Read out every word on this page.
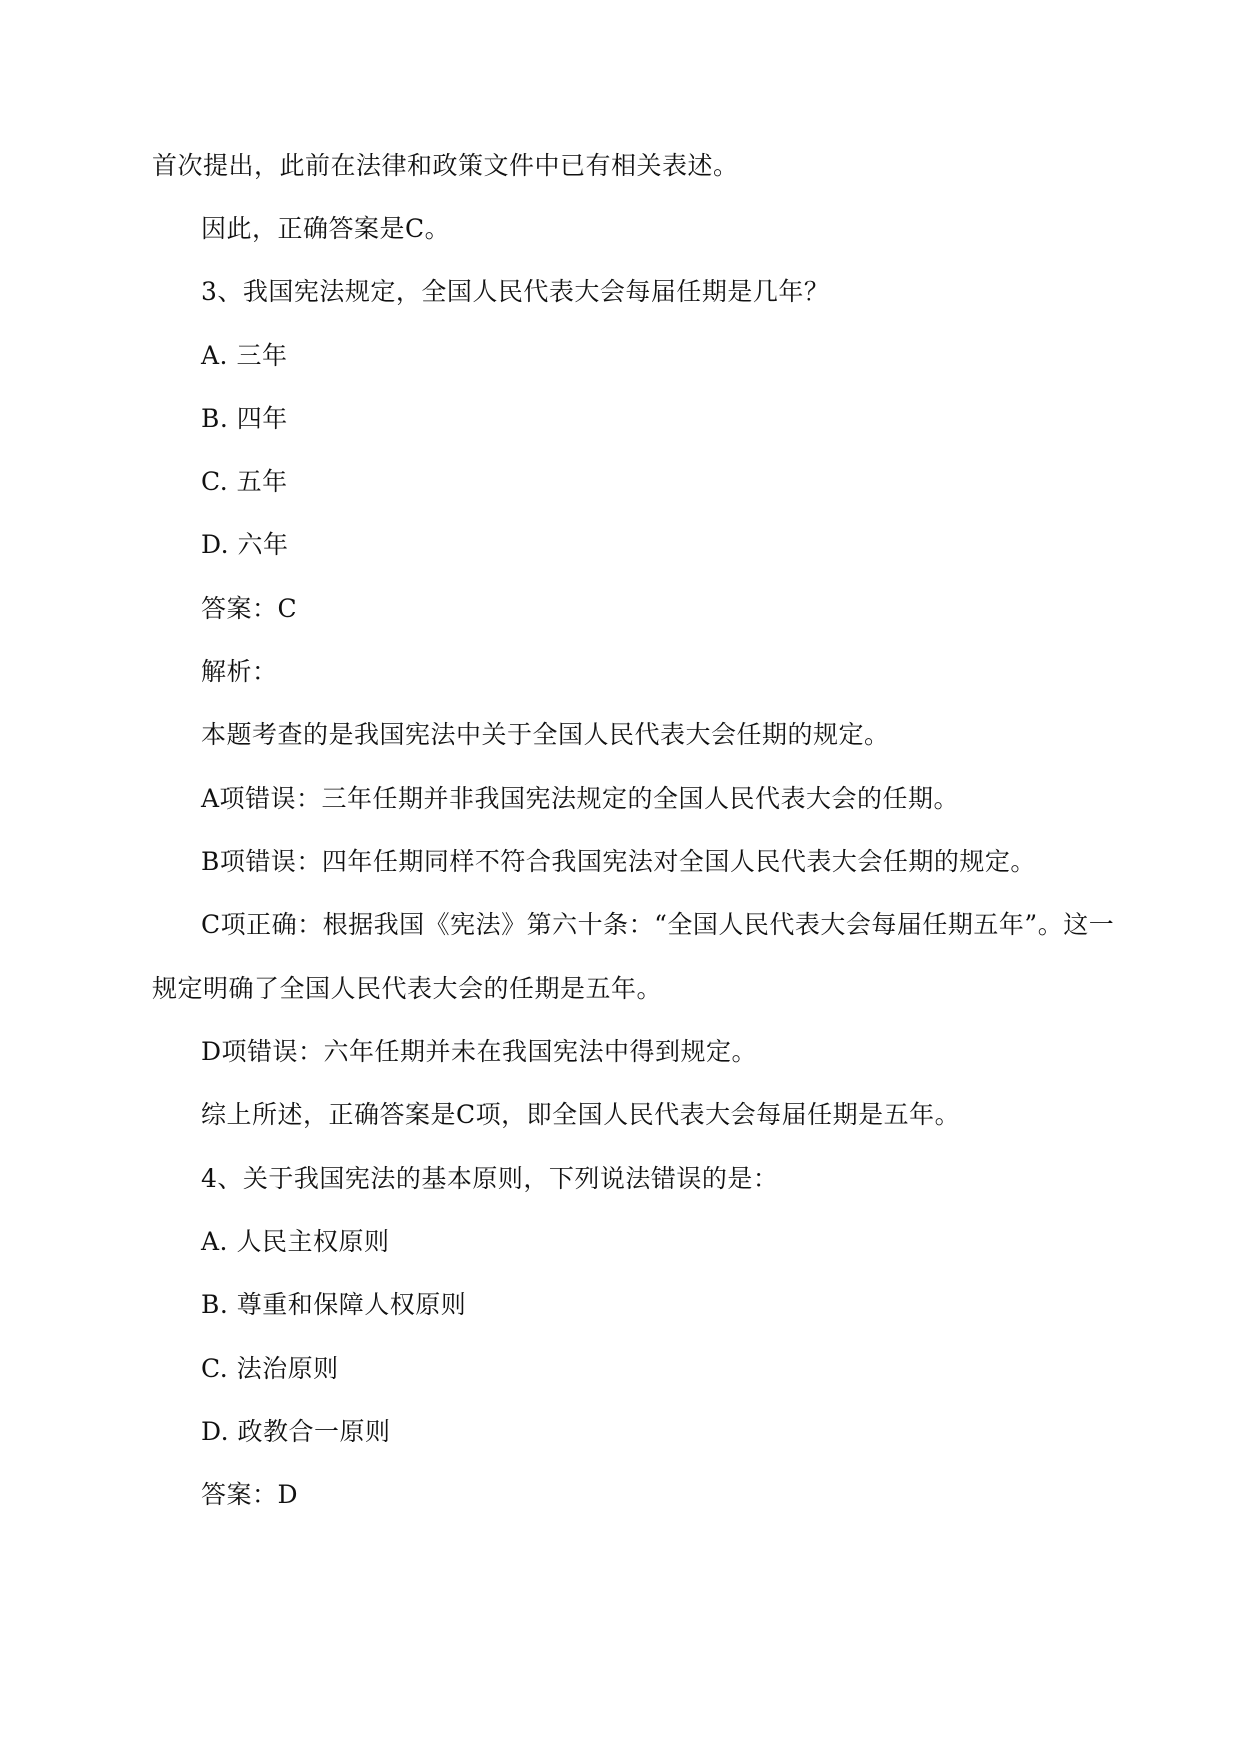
首次提出，此前在法律和政策文件中已有相关表述。
因此，正确答案是C。
3、我国宪法规定，全国人民代表大会每届任期是几年？
A. 三年
B. 四年
C. 五年
D. 六年
答案：C
解析：
本题考查的是我国宪法中关于全国人民代表大会任期的规定。
A项错误：三年任期并非我国宪法规定的全国人民代表大会的任期。
B项错误：四年任期同样不符合我国宪法对全国人民代表大会任期的规定。
C项正确：根据我国《宪法》第六十条：“全国人民代表大会每届任期五年”。这一
规定明确了全国人民代表大会的任期是五年。
D项错误：六年任期并未在我国宪法中得到规定。
综上所述，正确答案是C项，即全国人民代表大会每届任期是五年。
4、关于我国宪法的基本原则，下列说法错误的是：
A. 人民主权原则
B. 尊重和保障人权原则
C. 法治原则
D. 政教合一原则
答案：D
